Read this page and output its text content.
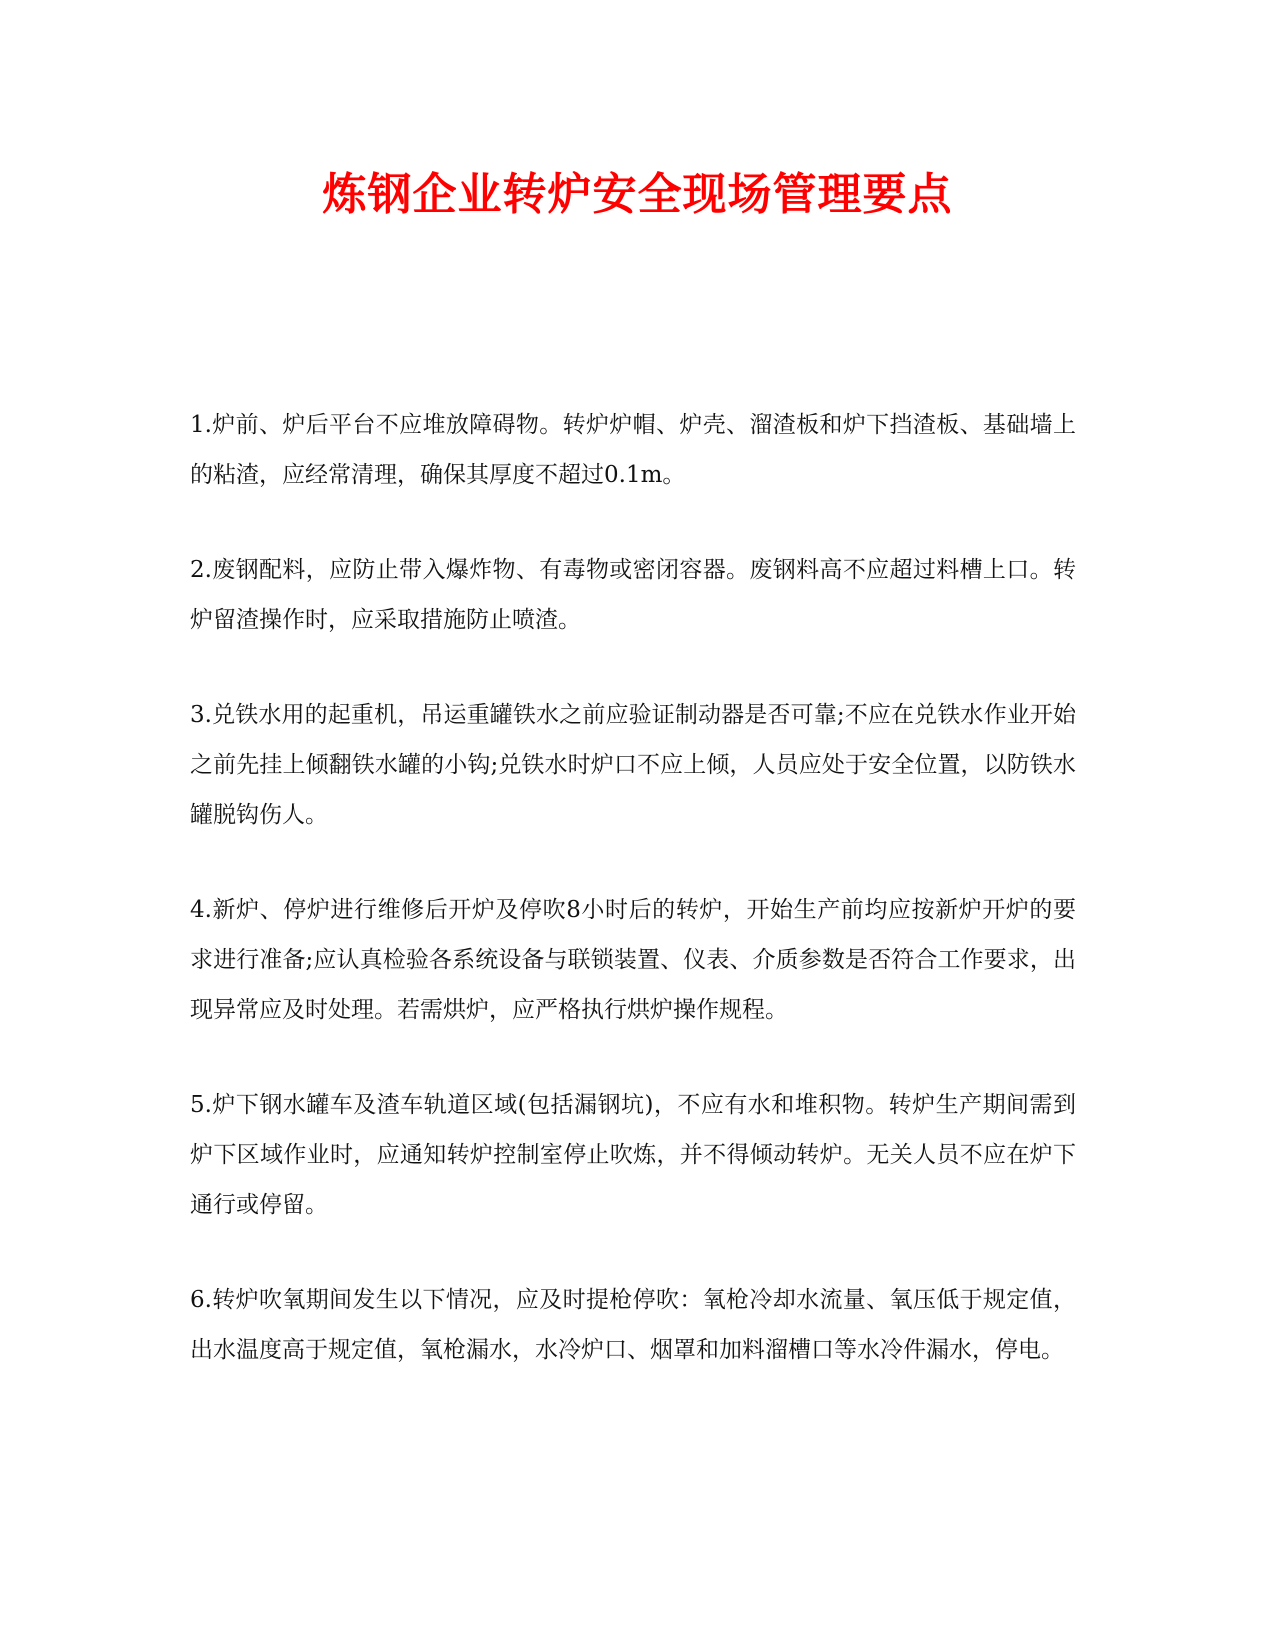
炼钢企业转炉安全现场管理要点

1.炉前、炉后平台不应堆放障碍物。转炉炉帽、炉壳、溜渣板和炉下挡渣板、基础墙上的粘渣，应经常清理，确保其厚度不超过0.1m。

2.废钢配料，应防止带入爆炸物、有毒物或密闭容器。废钢料高不应超过料槽上口。转炉留渣操作时，应采取措施防止喷渣。

3.兑铁水用的起重机，吊运重罐铁水之前应验证制动器是否可靠;不应在兑铁水作业开始之前先挂上倾翻铁水罐的小钩;兑铁水时炉口不应上倾，人员应处于安全位置，以防铁水罐脱钩伤人。

4.新炉、停炉进行维修后开炉及停吹8小时后的转炉，开始生产前均应按新炉开炉的要求进行准备;应认真检验各系统设备与联锁装置、仪表、介质参数是否符合工作要求，出现异常应及时处理。若需烘炉，应严格执行烘炉操作规程。

5.炉下钢水罐车及渣车轨道区域(包括漏钢坑)，不应有水和堆积物。转炉生产期间需到炉下区域作业时，应通知转炉控制室停止吹炼，并不得倾动转炉。无关人员不应在炉下通行或停留。

6.转炉吹氧期间发生以下情况，应及时提枪停吹：氧枪冷却水流量、氧压低于规定值，出水温度高于规定值，氧枪漏水，水冷炉口、烟罩和加料溜槽口等水冷件漏水，停电。
